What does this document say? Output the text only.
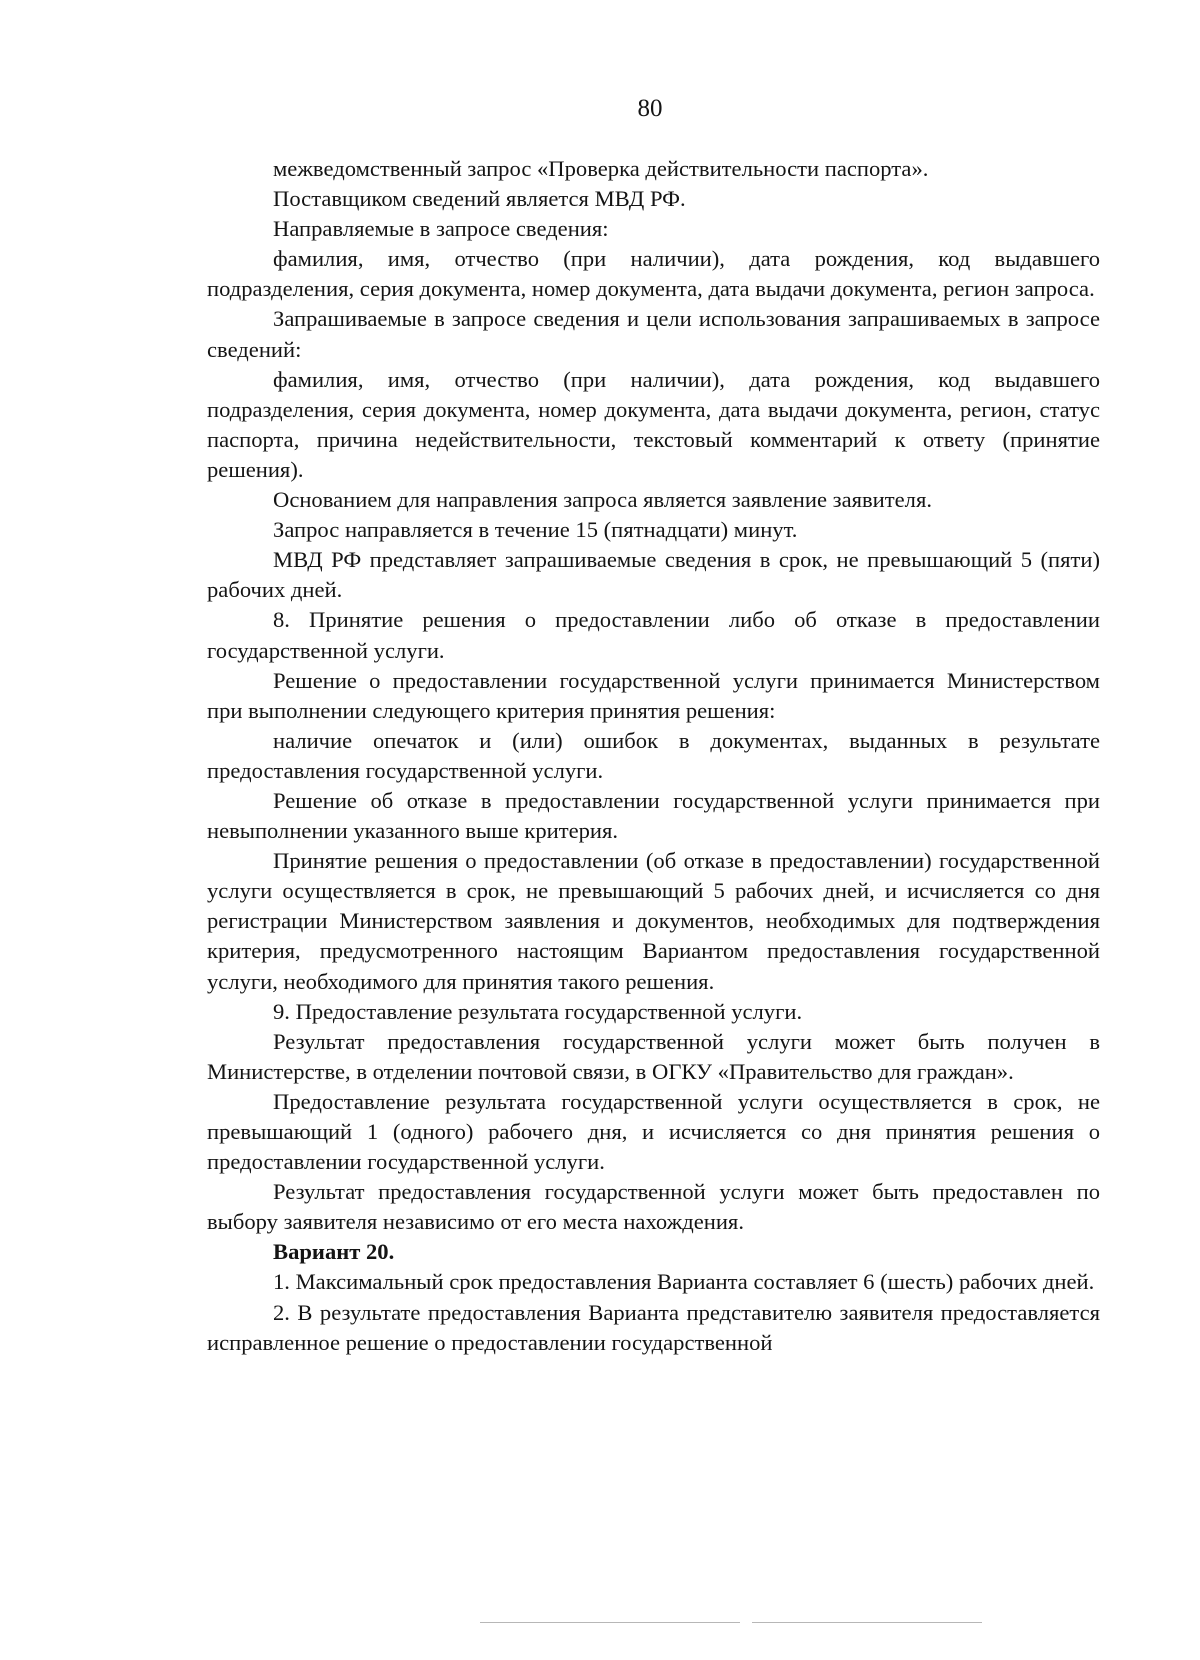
80

межведомственный запрос «Проверка действительности паспорта».

Поставщиком сведений является МВД РФ.

Направляемые в запросе сведения:

фамилия, имя, отчество (при наличии), дата рождения, код выдавшего подразделения, серия документа, номер документа, дата выдачи документа, регион запроса.

Запрашиваемые в запросе сведения и цели использования запрашиваемых в запросе сведений:

фамилия, имя, отчество (при наличии), дата рождения, код выдавшего подразделения, серия документа, номер документа, дата выдачи документа, регион, статус паспорта, причина недействительности, текстовый комментарий к ответу (принятие решения).

Основанием для направления запроса является заявление заявителя.

Запрос направляется в течение 15 (пятнадцати) минут.

МВД РФ представляет запрашиваемые сведения в срок, не превышающий 5 (пяти) рабочих дней.

8. Принятие решения о предоставлении либо об отказе в предоставлении государственной услуги.

Решение о предоставлении государственной услуги принимается Министерством при выполнении следующего критерия принятия решения:

наличие опечаток и (или) ошибок в документах, выданных в результате предоставления государственной услуги.

Решение об отказе в предоставлении государственной услуги принимается при невыполнении указанного выше критерия.

Принятие решения о предоставлении (об отказе в предоставлении) государственной услуги осуществляется в срок, не превышающий 5 рабочих дней, и исчисляется со дня регистрации Министерством заявления и документов, необходимых для подтверждения критерия, предусмотренного настоящим Вариантом предоставления государственной услуги, необходимого для принятия такого решения.

9. Предоставление результата государственной услуги.

Результат предоставления государственной услуги может быть получен в Министерстве, в отделении почтовой связи, в ОГКУ «Правительство для граждан».

Предоставление результата государственной услуги осуществляется в срок, не превышающий 1 (одного) рабочего дня, и исчисляется со дня принятия решения о предоставлении государственной услуги.

Результат предоставления государственной услуги может быть предоставлен по выбору заявителя независимо от его места нахождения.

Вариант 20.

1. Максимальный срок предоставления Варианта составляет 6 (шесть) рабочих дней.

2. В результате предоставления Варианта представителю заявителя предоставляется исправленное решение о предоставлении государственной
